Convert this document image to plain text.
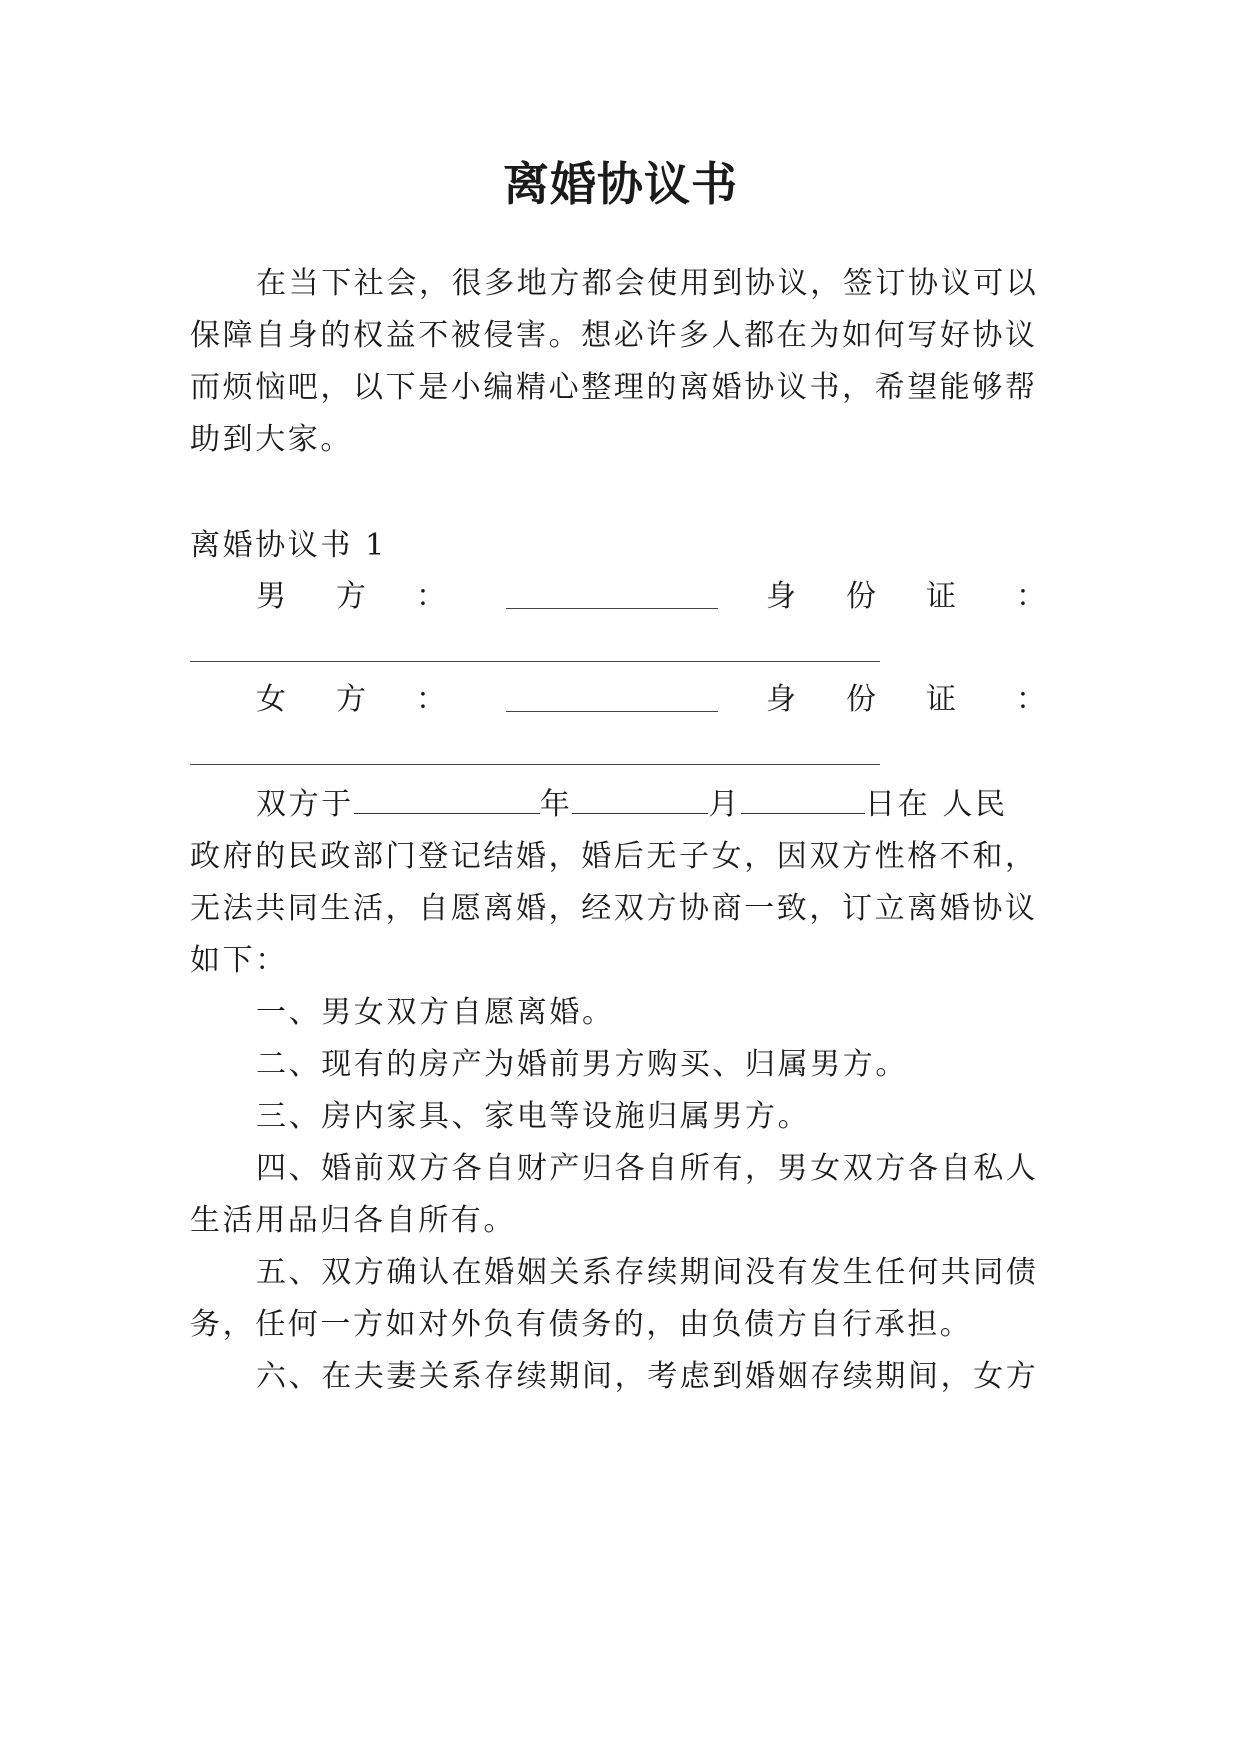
离婚协议书

在当下社会，很多地方都会使用到协议，签订协议可以

保障自身的权益不被侵害。想必许多人都在为如何写好协议

而烦恼吧，以下是小编精心整理的离婚协议书，希望能够帮

助到大家。

离婚协议书 1

男 方 ：	身 份 证 ：
女 方 ：	身 份 证 ：

双方于	年	月	日在 人民

政府的民政部门登记结婚，婚后无子女，因双方性格不和，

无法共同生活，自愿离婚，经双方协商一致，订立离婚协议

如下：

一、男女双方自愿离婚。

二、现有的房产为婚前男方购买、归属男方。

三、房内家具、家电等设施归属男方。

四、婚前双方各自财产归各自所有，男女双方各自私人

生活用品归各自所有。

五、双方确认在婚姻关系存续期间没有发生任何共同债

务，任何一方如对外负有债务的，由负债方自行承担。

六、在夫妻关系存续期间，考虑到婚姻存续期间，女方
